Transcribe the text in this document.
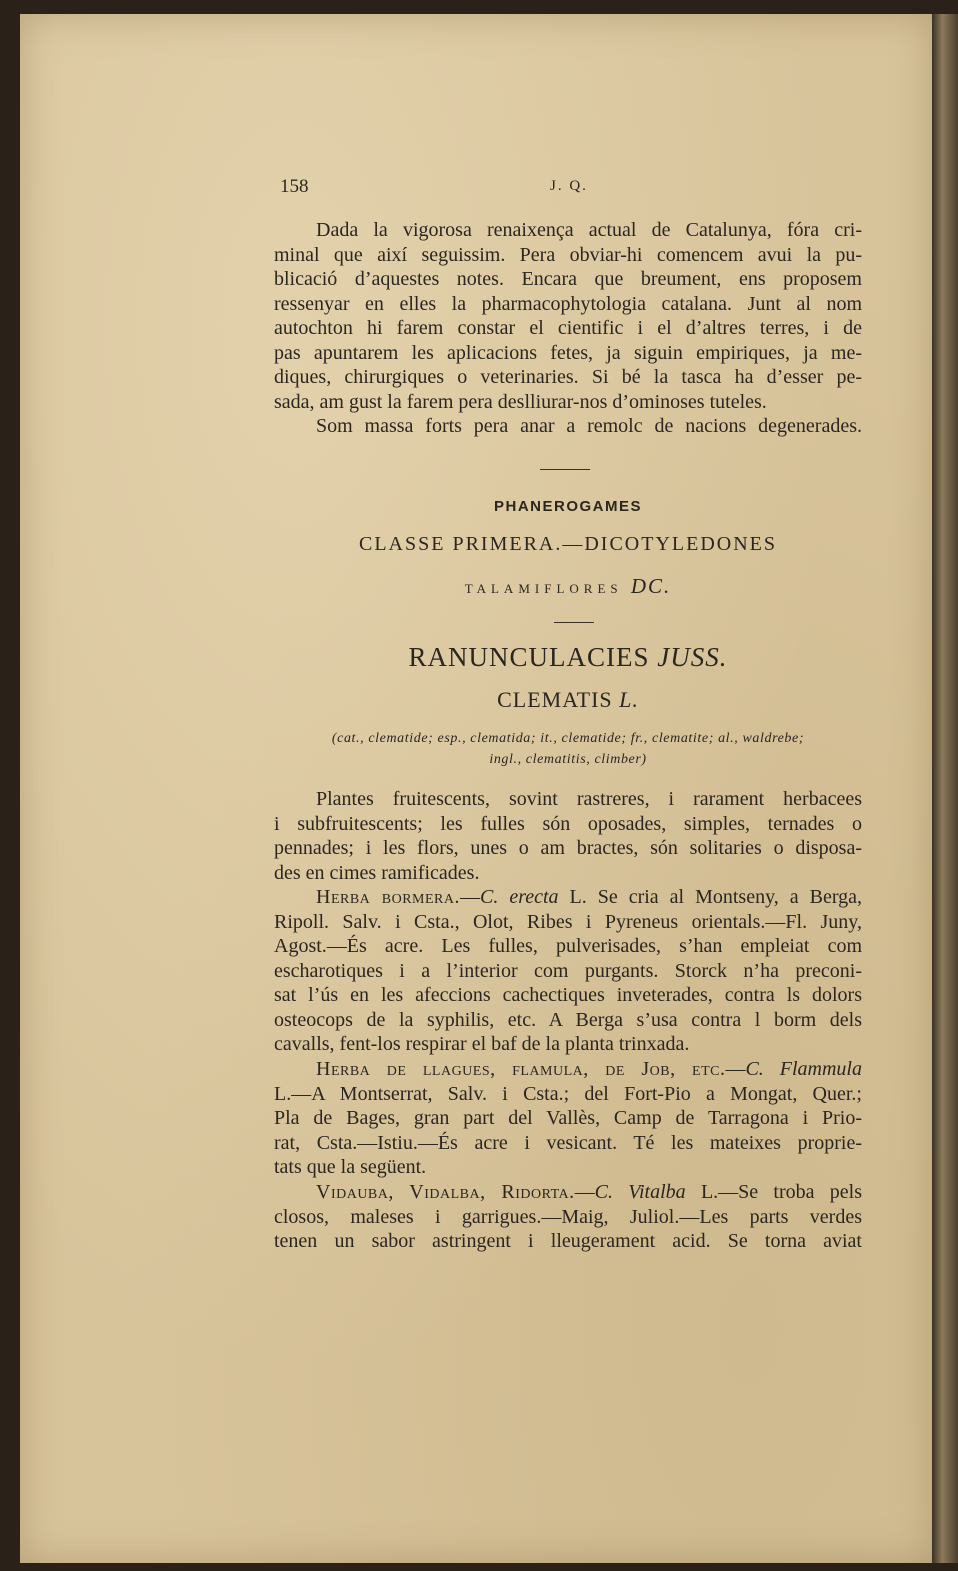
158	J. Q.
Dada la vigorosa renaixença actual de Catalunya, fóra cri-
minal que així seguissim. Pera obviar-hi comencem avui la pu-
blicació d’aquestes notes. Encara que breument, ens proposem
ressenyar en elles la pharmacophytologia catalana. Junt al nom
autochton hi farem constar el cientific i el d’altres terres, i de
pas apuntarem les aplicacions fetes, ja siguin empiriques, ja me-
diques, chirurgiques o veterinaries. Si bé la tasca ha d’esser pe-
sada, am gust la farem pera deslliurar-nos d’ominoses tuteles.
Som massa forts pera anar a remolc de nacions degenerades.
PHANEROGAMES
CLASSE PRIMERA.—DICOTYLEDONES
TALAMIFLORES DC.
RANUNCULACIES JUSS.
CLEMATIS L.
(cat., clematide; esp., clematida; it., clematide; fr., clematite; al., waldrebe;
ingl., clematitis, climber)
Plantes fruitescents, sovint rastreres, i rarament herbacees
i subfruitescents; les fulles són oposades, simples, ternades o
pennades; i les flors, unes o am bractes, són solitaries o disposa-
des en cimes ramificades.
Herba bormera.—C. erecta L. Se cria al Montseny, a Berga,
Ripoll. Salv. i Csta., Olot, Ribes i Pyreneus orientals.—Fl. Juny,
Agost.—És acre. Les fulles, pulverisades, s’han empleiat com
escharotiques i a l’interior com purgants. Storck n’ha preconi-
sat l’ús en les afeccions cachectiques inveterades, contra ls dolors
osteocops de la syphilis, etc. A Berga s’usa contra l borm dels
cavalls, fent-los respirar el baf de la planta trinxada.
Herba de llagues, flamula, de Job, etc.—C. Flammula
L.—A Montserrat, Salv. i Csta.; del Fort-Pio a Mongat, Quer.;
Pla de Bages, gran part del Vallès, Camp de Tarragona i Prio-
rat, Csta.—Istiu.—És acre i vesicant. Té les mateixes proprie-
tats que la següent.
Vidauba, Vidalba, Ridorta.—C. Vitalba L.—Se troba pels
closos, maleses i garrigues.—Maig, Juliol.—Les parts verdes
tenen un sabor astringent i lleugerament acid. Se torna aviat
